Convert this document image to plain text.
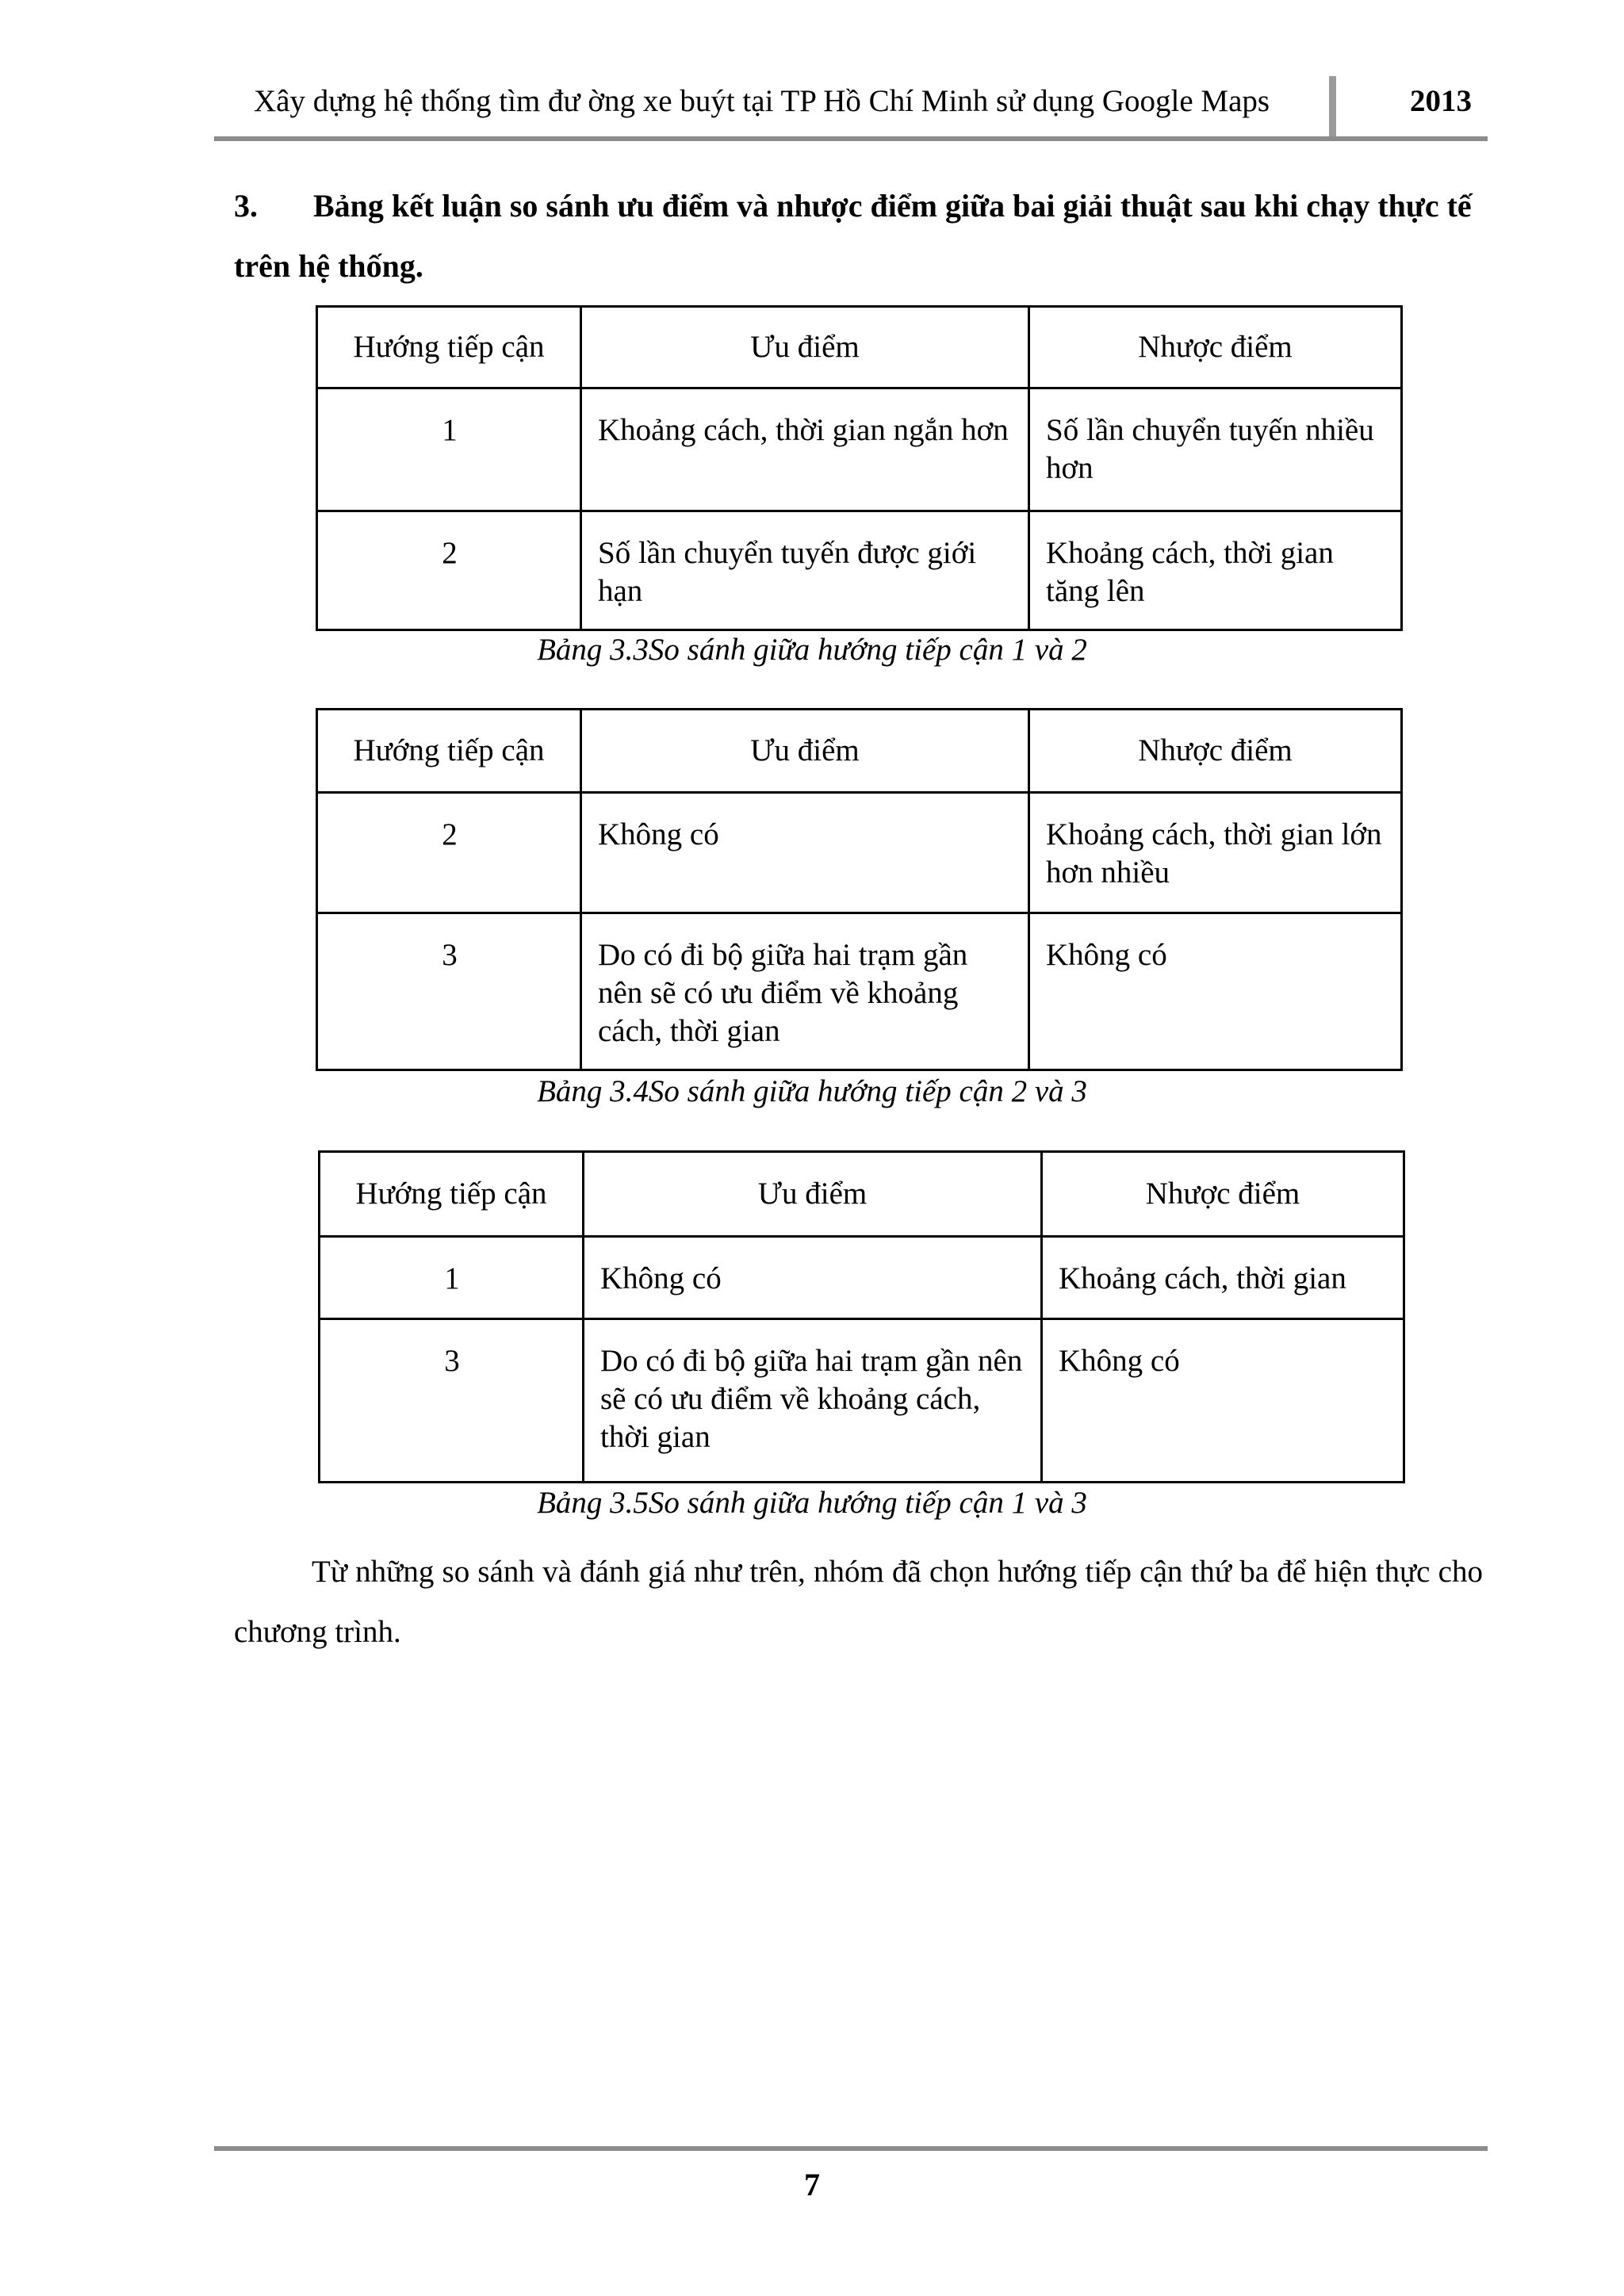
Xây dựng hệ thống tìm đư ờng xe buýt tại TP Hồ Chí Minh sử dụng Google Maps	2013
3. Bảng kết luận so sánh ưu điểm và nhược điểm giữa bai giải thuật sau khi chạy thực tế trên hệ thống.
Hướng tiếp cận	Ưu điểm	Nhược điểm
1	Khoảng cách, thời gian ngắn hơn	Số lần chuyển tuyến nhiều hơn
2	Số lần chuyển tuyến được giới hạn	Khoảng cách, thời gian tăng lên
Bảng 3.3So sánh giữa hướng tiếp cận 1 và 2
Hướng tiếp cận	Ưu điểm	Nhược điểm
2	Không có	Khoảng cách, thời gian lớn hơn nhiều
3	Do có đi bộ giữa hai trạm gần nên sẽ có ưu điểm về khoảng cách, thời gian	Không có
Bảng 3.4So sánh giữa hướng tiếp cận 2 và 3
Hướng tiếp cận	Ưu điểm	Nhược điểm
1	Không có	Khoảng cách, thời gian
3	Do có đi bộ giữa hai trạm gần nên sẽ có ưu điểm về khoảng cách, thời gian	Không có
Bảng 3.5So sánh giữa hướng tiếp cận 1 và 3
Từ những so sánh và đánh giá như trên, nhóm đã chọn hướng tiếp cận thứ ba để hiện thực cho chương trình.
7
